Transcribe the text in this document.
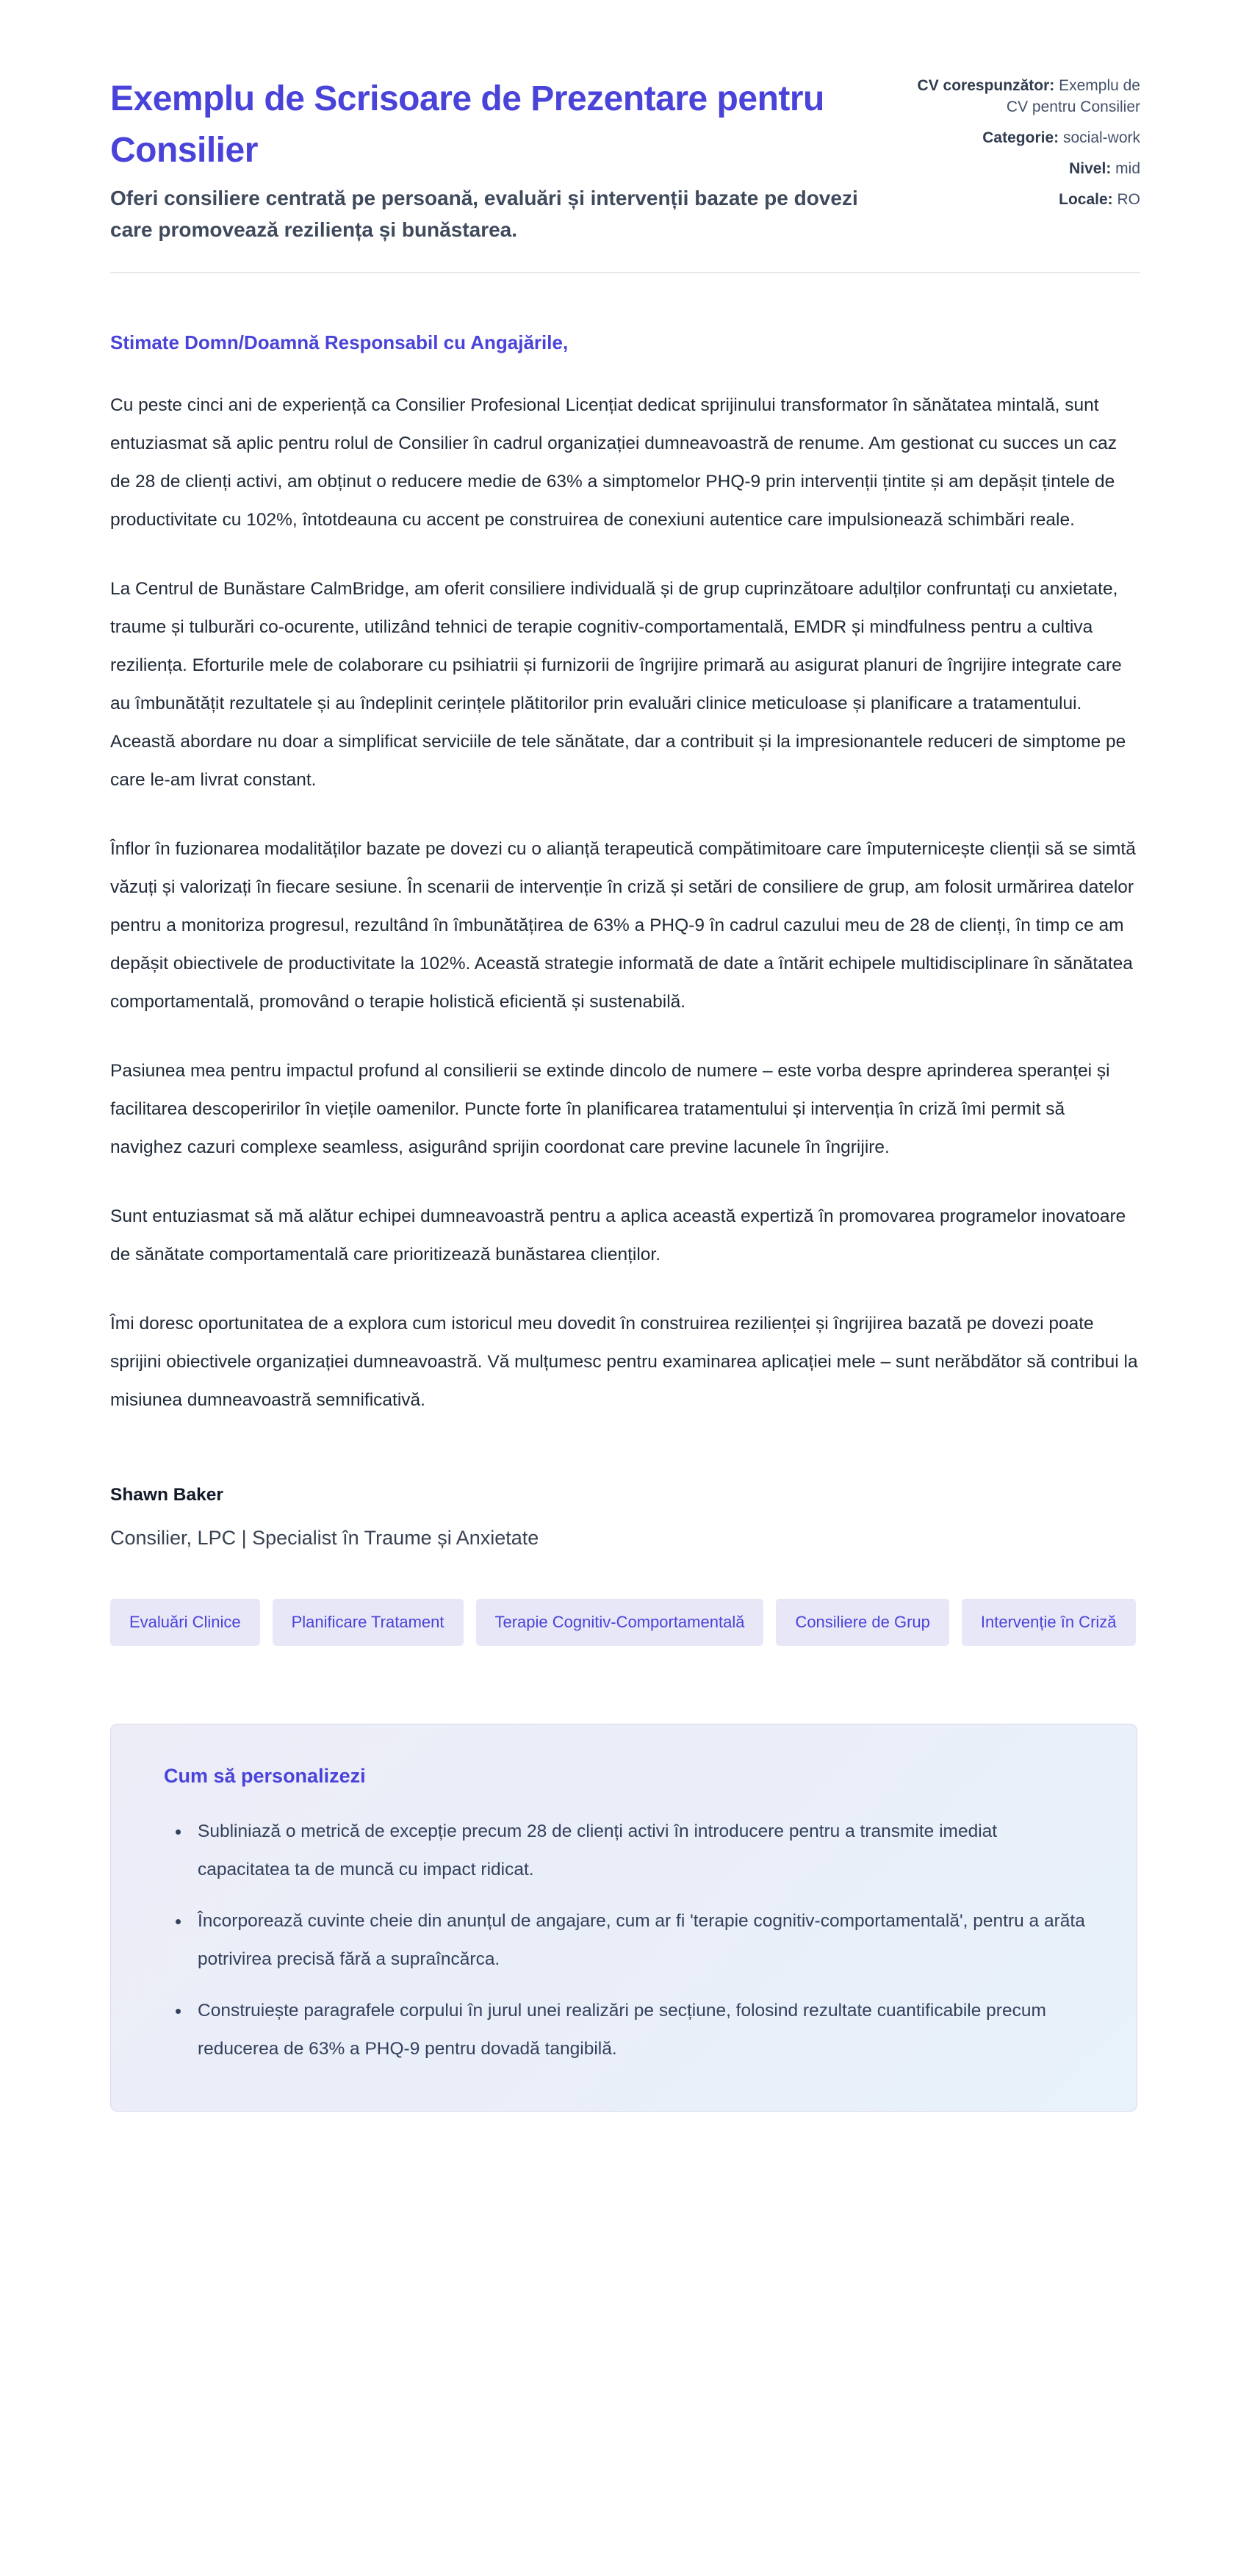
Exemplu de Scrisoare de Prezentare pentru Consilier
Oferi consiliere centrată pe persoană, evaluări și intervenții bazate pe dovezi care promovează reziliența și bunăstarea.
CV corespunzător: Exemplu de CV pentru Consilier
Categorie: social-work
Nivel: mid
Locale: RO
Stimate Domn/Doamnă Responsabil cu Angajările,

Cu peste cinci ani de experiență ca Consilier Profesional Licențiat dedicat sprijinului transformator în sănătatea mintală, sunt entuziasmat să aplic pentru rolul de Consilier în cadrul organizației dumneavoastră de renume. Am gestionat cu succes un caz de 28 de clienți activi, am obținut o reducere medie de 63% a simptomelor PHQ-9 prin intervenții țintite și am depășit țintele de productivitate cu 102%, întotdeauna cu accent pe construirea de conexiuni autentice care impulsionează schimbări reale.

La Centrul de Bunăstare CalmBridge, am oferit consiliere individuală și de grup cuprinzătoare adulților confruntați cu anxietate, traume și tulburări co-ocurente, utilizând tehnici de terapie cognitiv-comportamentală, EMDR și mindfulness pentru a cultiva reziliența. Eforturile mele de colaborare cu psihiatrii și furnizorii de îngrijire primară au asigurat planuri de îngrijire integrate care au îmbunătățit rezultatele și au îndeplinit cerințele plătitorilor prin evaluări clinice meticuloase și planificare a tratamentului. Această abordare nu doar a simplificat serviciile de tele sănătate, dar a contribuit și la impresionantele reduceri de simptome pe care le-am livrat constant.

Înflor în fuzionarea modalităților bazate pe dovezi cu o alianță terapeutică compătimitoare care împuternicește clienții să se simtă văzuți și valorizați în fiecare sesiune. În scenarii de intervenție în criză și setări de consiliere de grup, am folosit urmărirea datelor pentru a monitoriza progresul, rezultând în îmbunătățirea de 63% a PHQ-9 în cadrul cazului meu de 28 de clienți, în timp ce am depășit obiectivele de productivitate la 102%. Această strategie informată de date a întărit echipele multidisciplinare în sănătatea comportamentală, promovând o terapie holistică eficientă și sustenabilă.

Pasiunea mea pentru impactul profund al consilierii se extinde dincolo de numere – este vorba despre aprinderea speranței și facilitarea descoperirilor în viețile oamenilor. Puncte forte în planificarea tratamentului și intervenția în criză îmi permit să navighez cazuri complexe seamless, asigurând sprijin coordonat care previne lacunele în îngrijire.

Sunt entuziasmat să mă alătur echipei dumneavoastră pentru a aplica această expertiză în promovarea programelor inovatoare de sănătate comportamentală care prioritizează bunăstarea clienților.

Îmi doresc oportunitatea de a explora cum istoricul meu dovedit în construirea rezilienței și îngrijirea bazată pe dovezi poate sprijini obiectivele organizației dumneavoastră. Vă mulțumesc pentru examinarea aplicației mele – sunt nerăbdător să contribui la misiunea dumneavoastră semnificativă.

Shawn Baker
Consilier, LPC | Specialist în Traume și Anxietate
Evaluări Clinice	Planificare Tratament	Terapie Cognitiv-Comportamentală	Consiliere de Grup	Intervenție în Criză
Cum să personalizezi
• Subliniază o metrică de excepție precum 28 de clienți activi în introducere pentru a transmite imediat capacitatea ta de muncă cu impact ridicat.
• Încorporează cuvinte cheie din anunțul de angajare, cum ar fi 'terapie cognitiv-comportamentală', pentru a arăta potrivirea precisă fără a supraîncărca.
• Construiește paragrafele corpului în jurul unei realizări pe secțiune, folosind rezultate cuantificabile precum reducerea de 63% a PHQ-9 pentru dovadă tangibilă.
